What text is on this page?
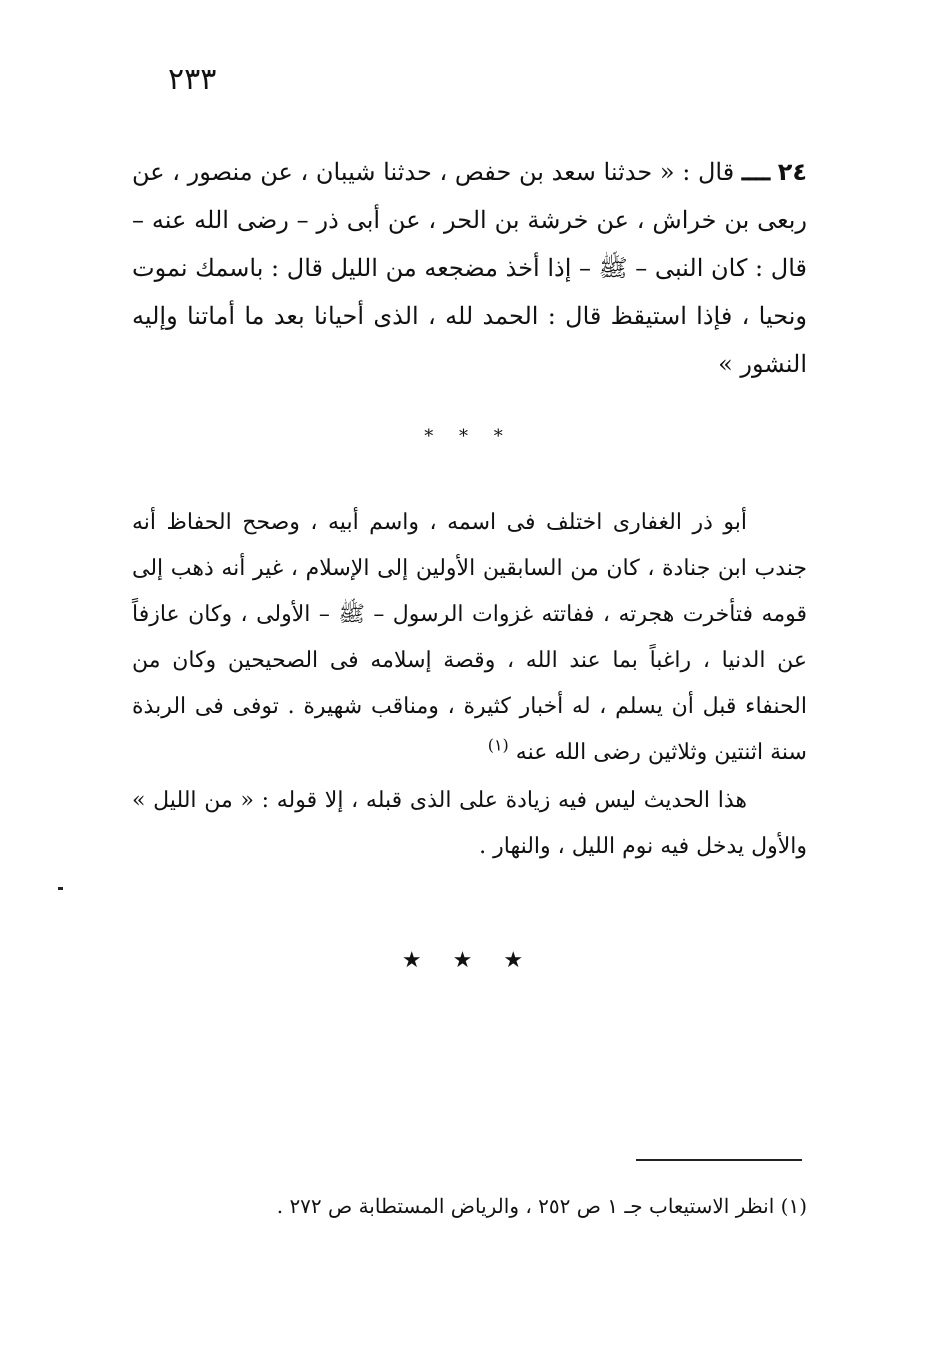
٢٣٣
٢٤ ــــ قال : « حدثنا سعد بن حفص ، حدثنا شيبان ، عن منصور ، عن ربعى بن خراش ، عن خرشة بن الحر ، عن أبى ذر – رضى الله عنه – قال : كان النبى – ﷺ – إذا أخذ مضجعه من الليل قال : باسمك نموت ونحيا ، فإذا استيقظ قال : الحمد لله ، الذى أحيانا بعد ما أماتنا وإليه النشور »
* * *
أبو ذر الغفارى اختلف فى اسمه ، واسم أبيه ، وصحح الحفاظ أنه جندب ابن جنادة ، كان من السابقين الأولين إلى الإسلام ، غير أنه ذهب إلى قومه فتأخرت هجرته ، ففاتته غزوات الرسول – ﷺ – الأولى ، وكان عازفاً عن الدنيا ، راغباً بما عند الله ، وقصة إسلامه فى الصحيحين وكان من الحنفاء قبل أن يسلم ، له أخبار كثيرة ، ومناقب شهيرة . توفى فى الربذة سنة اثنتين وثلاثين رضى الله عنه $^{(١)}$
هذا الحديث ليس فيه زيادة على الذى قبله ، إلا قوله : « من الليل » والأول يدخل فيه نوم الليل ، والنهار .
★ ★ ★
(١) انظر الاستيعاب جـ ١ ص ٢٥٢ ، والرياض المستطابة ص ٢٧٢ .
